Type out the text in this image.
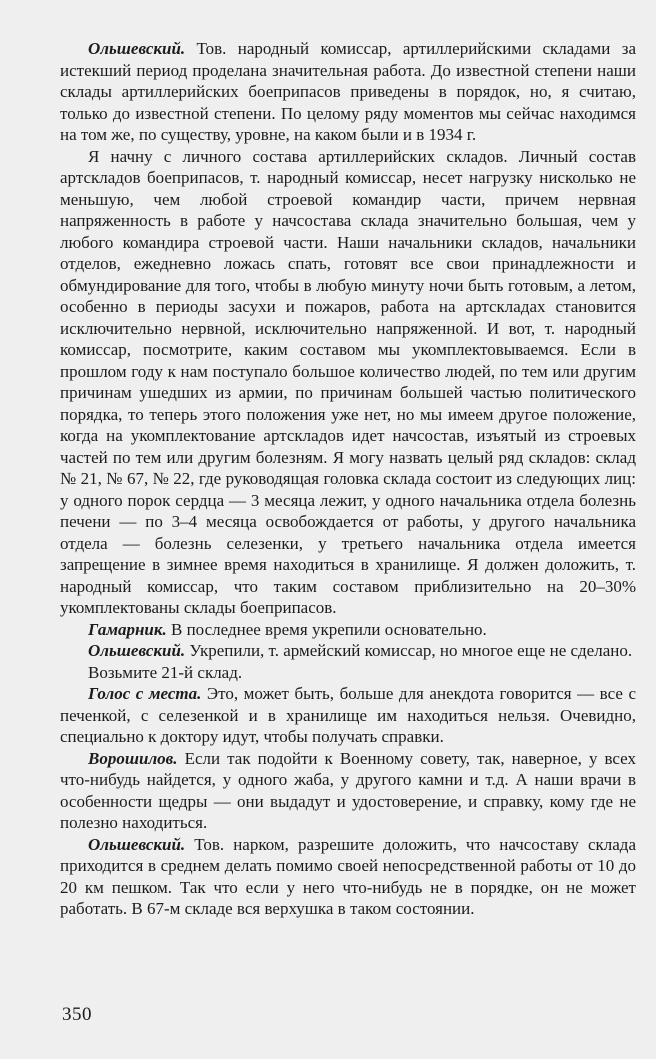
Ольшевский. Тов. народный комиссар, артиллерийскими складами за истекший период проделана значительная работа. До известной степени наши склады артиллерийских боеприпасов приведены в порядок, но, я считаю, только до известной степени. По целому ряду моментов мы сейчас находимся на том же, по существу, уровне, на каком были и в 1934 г.

Я начну с личного состава артиллерийских складов. Личный состав артскладов боеприпасов, т. народный комиссар, несет нагрузку нисколько не меньшую, чем любой строевой командир части, причем нервная напряженность в работе у начсостава склада значительно большая, чем у любого командира строевой части. Наши начальники складов, начальники отделов, ежедневно ложась спать, готовят все свои принадлежности и обмундирование для того, чтобы в любую минуту ночи быть готовым, а летом, особенно в периоды засухи и пожаров, работа на артскладах становится исключительно нервной, исключительно напряженной. И вот, т. народный комиссар, посмотрите, каким составом мы укомплектовываемся. Если в прошлом году к нам поступало большое количество людей, по тем или другим причинам ушедших из армии, по причинам большей частью политического порядка, то теперь этого положения уже нет, но мы имеем другое положение, когда на укомплектование артскладов идет начсостав, изъятый из строевых частей по тем или другим болезням. Я могу назвать целый ряд складов: склад № 21, № 67, № 22, где руководящая головка склада состоит из следующих лиц: у одного порок сердца — 3 месяца лежит, у одного начальника отдела болезнь печени — по 3–4 месяца освобождается от работы, у другого начальника отдела — болезнь селезенки, у третьего начальника отдела имеется запрещение в зимнее время находиться в хранилище. Я должен доложить, т. народный комиссар, что таким составом приблизительно на 20–30% укомплектованы склады боеприпасов.

Гамарник. В последнее время укрепили основательно.

Ольшевский. Укрепили, т. армейский комиссар, но многое еще не сделано.

Возьмите 21-й склад.

Голос с места. Это, может быть, больше для анекдота говорится — все с печенкой, с селезенкой и в хранилище им находиться нельзя. Очевидно, специально к доктору идут, чтобы получать справки.

Ворошилов. Если так подойти к Военному совету, так, наверное, у всех что-нибудь найдется, у одного жаба, у другого камни и т.д. А наши врачи в особенности щедры — они выдадут и удостоверение, и справку, кому где не полезно находиться.

Ольшевский. Тов. нарком, разрешите доложить, что начсоставу склада приходится в среднем делать помимо своей непосредственной работы от 10 до 20 км пешком. Так что если у него что-нибудь не в порядке, он не может работать. В 67-м складе вся верхушка в таком состоянии.

350
